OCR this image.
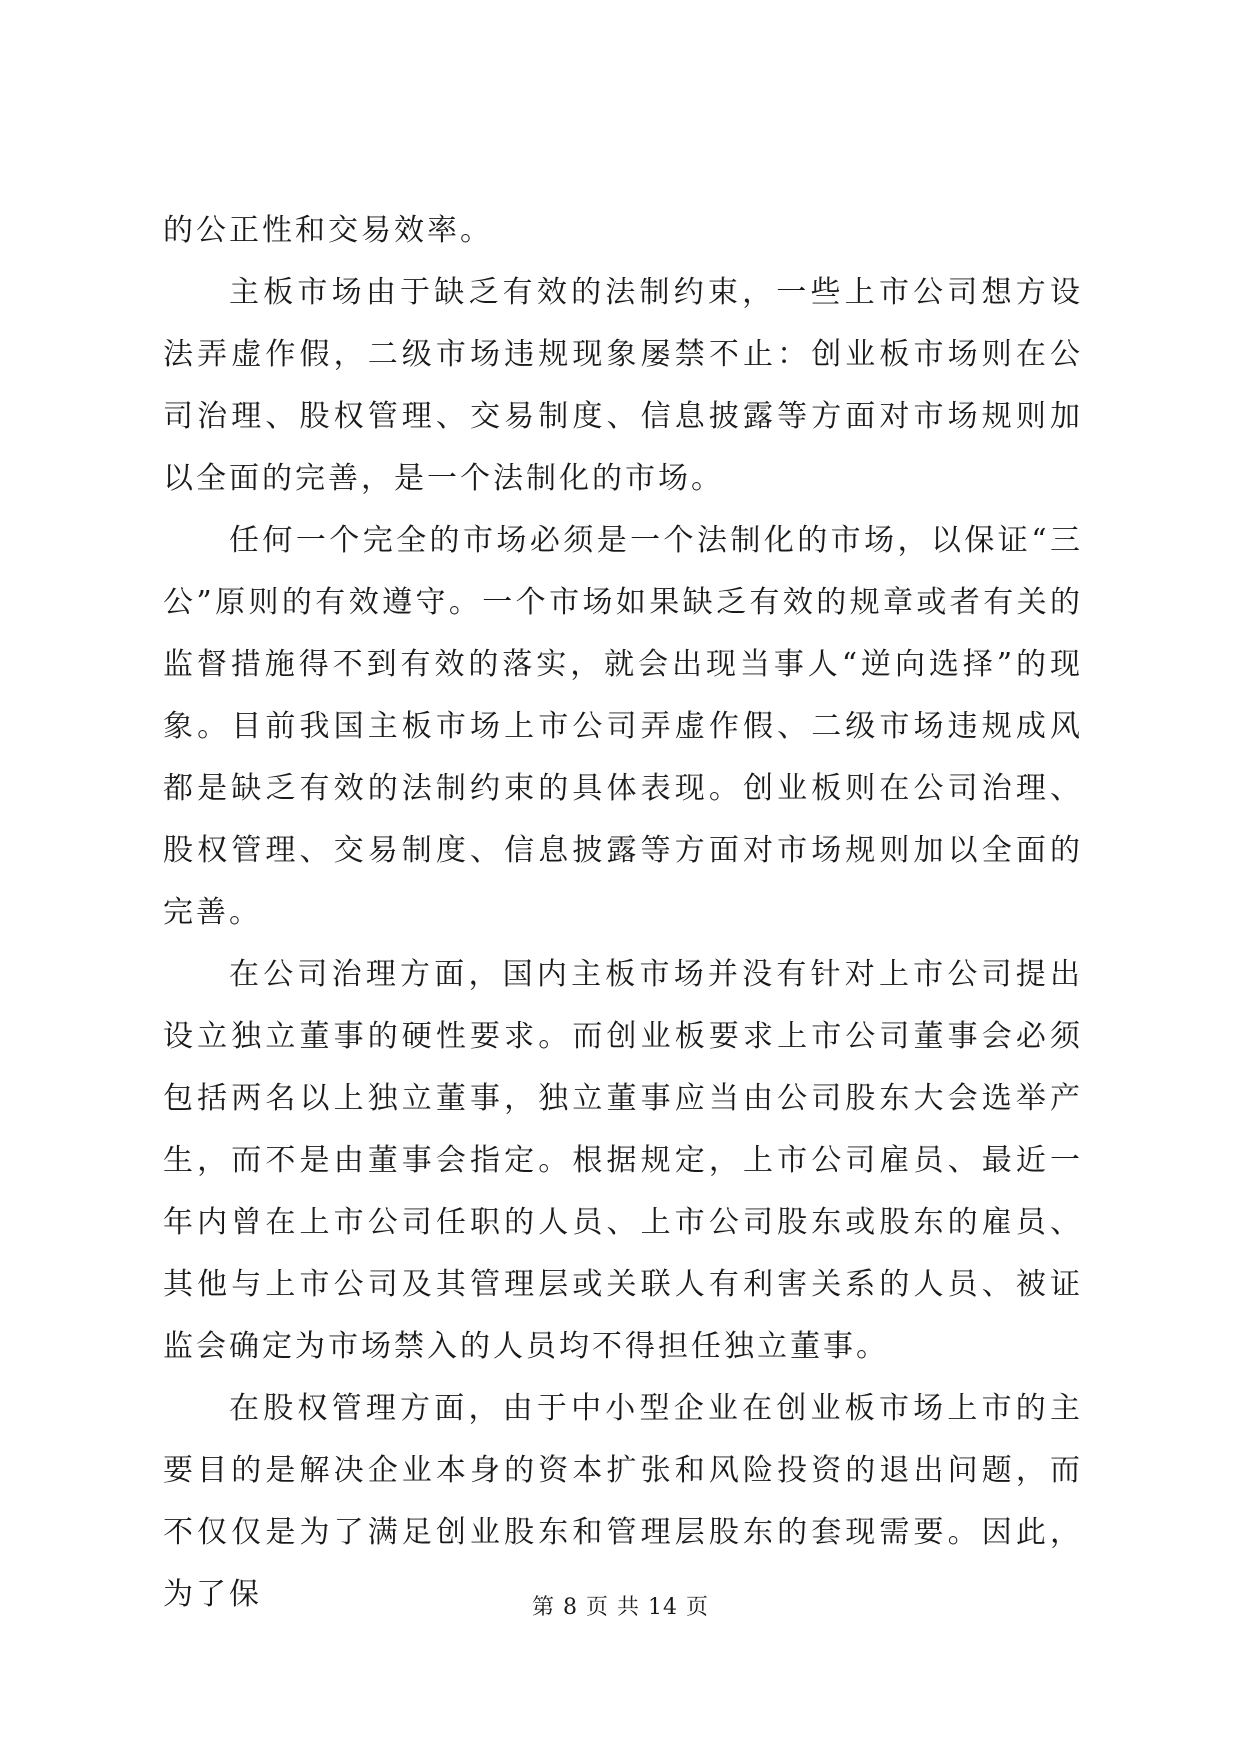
的公正性和交易效率。

主板市场由于缺乏有效的法制约束，一些上市公司想方设法弄虚作假，二级市场违规现象屡禁不止：创业板市场则在公司治理、股权管理、交易制度、信息披露等方面对市场规则加以全面的完善，是一个法制化的市场。

任何一个完全的市场必须是一个法制化的市场，以保证“三公”原则的有效遵守。一个市场如果缺乏有效的规章或者有关的监督措施得不到有效的落实，就会出现当事人“逆向选择”的现象。目前我国主板市场上市公司弄虚作假、二级市场违规成风都是缺乏有效的法制约束的具体表现。创业板则在公司治理、股权管理、交易制度、信息披露等方面对市场规则加以全面的完善。

在公司治理方面，国内主板市场并没有针对上市公司提出设立独立董事的硬性要求。而创业板要求上市公司董事会必须包括两名以上独立董事，独立董事应当由公司股东大会选举产生，而不是由董事会指定。根据规定，上市公司雇员、最近一年内曾在上市公司任职的人员、上市公司股东或股东的雇员、其他与上市公司及其管理层或关联人有利害关系的人员、被证监会确定为市场禁入的人员均不得担任独立董事。

在股权管理方面，由于中小型企业在创业板市场上市的主要目的是解决企业本身的资本扩张和风险投资的退出问题，而不仅仅是为了满足创业股东和管理层股东的套现需要。因此，为了保	第 8 页 共 14 页
